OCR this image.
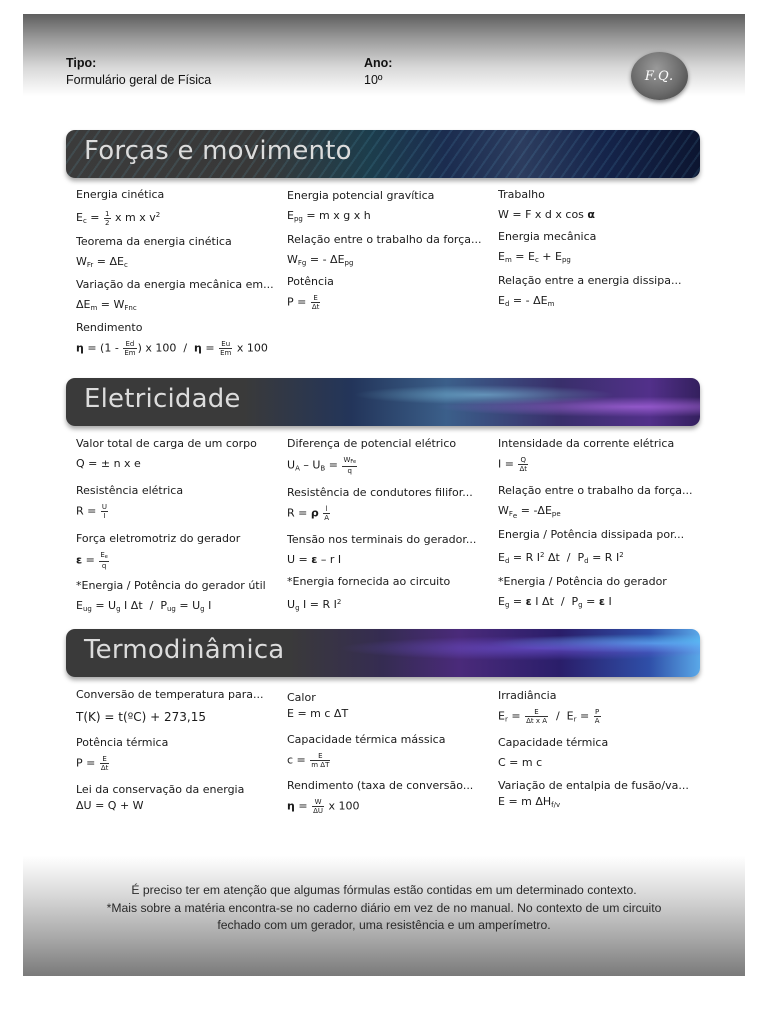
Tipo:
Formulário geral de Física
Ano:
10º	F.Q.
Forças e movimento
Energia cinética
$E_c = \frac{1}{2}$ x m x $v^2$
Energia potencial gravítica
$E_{pg} = m$ x g x h
Trabalho
W = F x d x cos α
Teorema da energia cinética
$W_{Fr} = \Delta E_c$
Relação entre o trabalho da força...
$W_{Fg}$ = - $\Delta E_{pg}$
Energia mecânica
$E_m = E_c + E_{pg}$
Variação da energia mecânica em...
$\Delta E_m = W_{Fnc}$
Potência
$P = \frac{E}{\Delta t}$
Relação entre a energia dissipa...
$E_d$ = - $\Delta E_m$
Rendimento
$\eta = (1 - \frac{Ed}{Em}$ ) x $100 / \eta = \frac{Eu}{Em}$ x 100
Eletricidade
Valor total de carga de um corpo
Q = ± n x e
Diferença de potencial elétrico
$U_A - U_B = \frac{W_{Fe}}{q}$
Intensidade da corrente elétrica
$I = \frac{Q}{\Delta t}$
Resistência elétrica
$R = \frac{U}{I}$
Resistência de condutores filifor...
R = ρ $\frac{l}{A}$
Relação entre o trabalho da força...
$W_{F_e} = -\Delta E_{pe}$
Força eletromotriz do gerador
$\varepsilon = \frac{E_e}{q}$
Tensão nos terminais do gerador...
U = ε – r I
Energia / Potência dissipada por...
$E_d = R$ $I^2$ $\Delta t / P_d = R$ $I^2$
*Energia / Potência do gerador útil
$E_{ug} = U_g$ I $\Delta t / P_{ug} = U_g$ I
*Energia fornecida ao circuito
$U_g$ I = R $I^2$
*Energia / Potência do gerador
$E_g = \varepsilon$ I $\Delta t / P_g = \varepsilon$ I
Termodinâmica
Conversão de temperatura para...
T(K) = t(ºC) + 273,15
Calor
E = m c ΔT
Irradiância
$E_r = \frac{E}{\text{Δt x A}} / E_r = \frac{P}{A}$
Potência térmica
$P = \frac{E}{\Delta t}$
Capacidade térmica mássica
$c = \frac{E}{\text{m ΔT}}$
Capacidade térmica
C = m c
Lei da conservação da energia
ΔU = Q + W
Rendimento (taxa de conversão...
$\eta = \frac{W}{\Delta U}$ x 100
Variação de entalpia de fusão/va...
E = m $\Delta H_{f/v}$
É preciso ter em atenção que algumas fórmulas estão contidas em um determinado contexto.
*Mais sobre a matéria encontra-se no caderno diário em vez de no manual. No contexto de um circuito
fechado com um gerador, uma resistência e um amperímetro.
